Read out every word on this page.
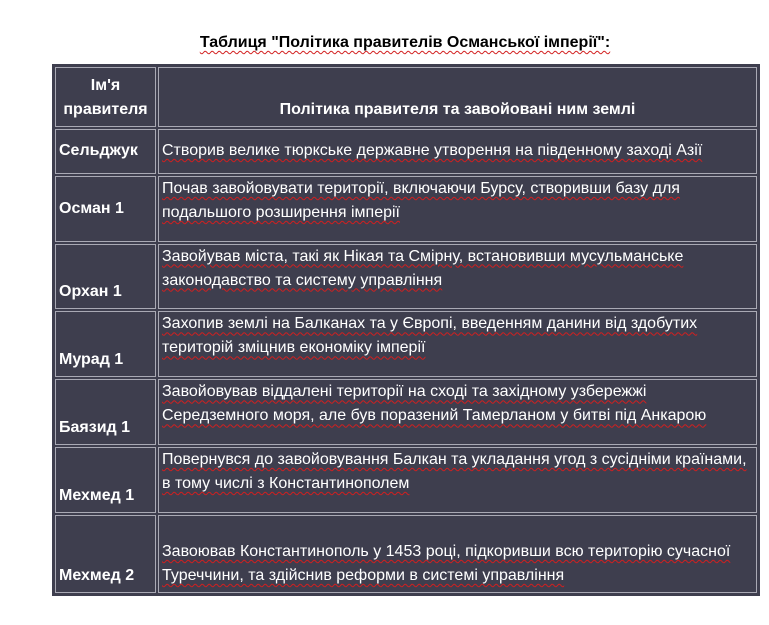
Таблиця "Політика правителів Османської імперії":
Ім'я правителя	Політика правителя та завойовані ним землі
Сельджук	Створив велике тюркське державне утворення на південному заході Азії
Осман 1	Почав завойовувати території, включаючи Бурсу, створивши базу для подальшого розширення імперії
Орхан 1	Завойував міста, такі як Нікая та Смірну, встановивши мусульманське законодавство та систему управління
Мурад 1	Захопив землі на Балканах та у Європі, введенням данини від здобутих територій зміцнив економіку імперії
Баязид 1	Завойовував віддалені території на сході та західному узбережжі Середземного моря, але був поразений Тамерланом у битві під Анкарою
Мехмед 1	Повернувся до завойовування Балкан та укладання угод з сусідніми країнами, в тому числі з Константинополем
Мехмед 2	Завоював Константинополь у 1453 році, підкоривши всю територію сучасної Туреччини, та здійснив реформи в системі управління
